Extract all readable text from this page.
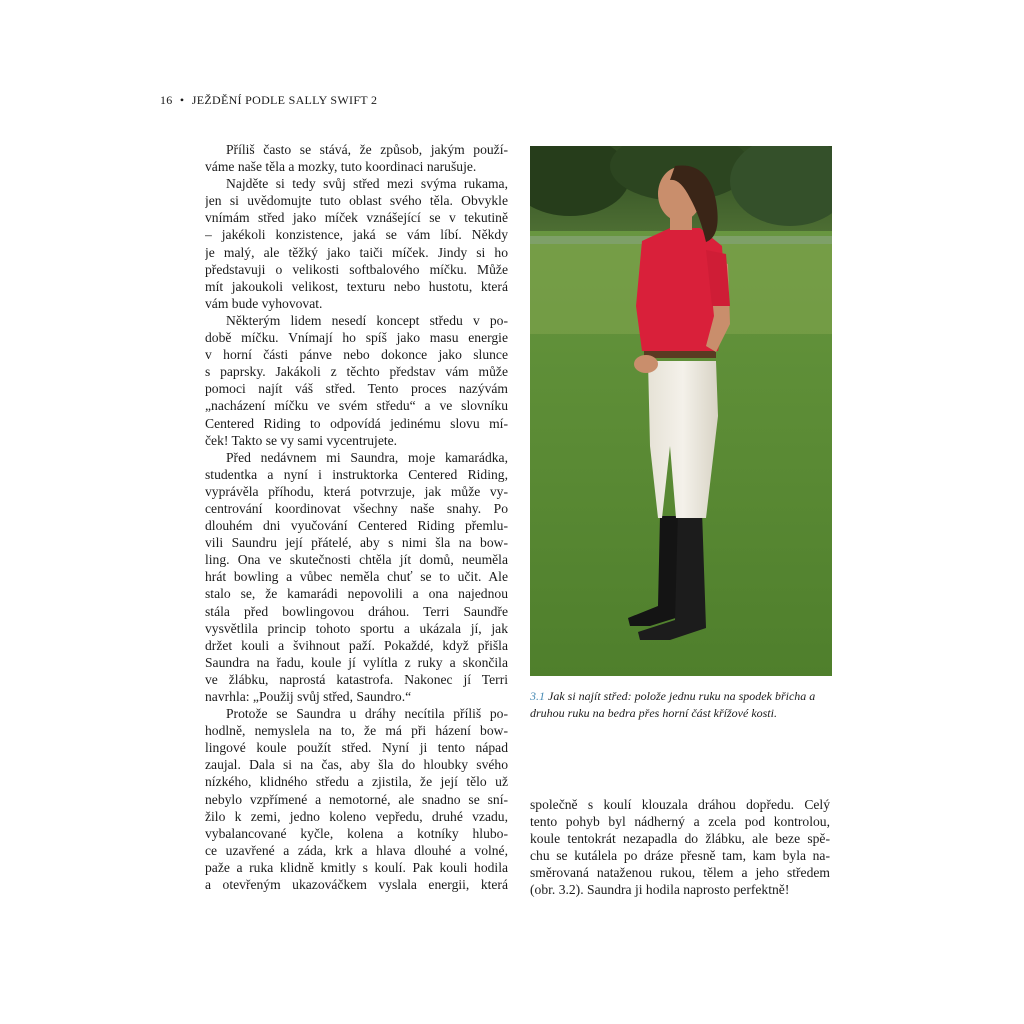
16 • JEŽDĚNÍ PODLE SALLY SWIFT 2
Příliš často se stává, že způsob, jakým použí-
váme naše těla a mozky, tuto koordinaci narušuje.
Najděte si tedy svůj střed mezi svýma rukama,
jen si uvědomujte tuto oblast svého těla. Obvykle
vnímám střed jako míček vznášející se v tekutině
– jakékoli konzistence, jaká se vám líbí. Někdy
je malý, ale těžký jako taiči míček. Jindy si ho
představuji o velikosti softbalového míčku. Může
mít jakoukoli velikost, texturu nebo hustotu, která
vám bude vyhovovat.
Některým lidem nesedí koncept středu v po-
době míčku. Vnímají ho spíš jako masu energie
v horní části pánve nebo dokonce jako slunce
s paprsky. Jakákoli z těchto představ vám může
pomoci najít váš střed. Tento proces nazývám
„nacházení míčku ve svém středu“ a ve slovníku
Centered Riding to odpovídá jedinému slovu mí-
ček! Takto se vy sami vycentrujete.
Před nedávnem mi Saundra, moje kamarádka,
studentka a nyní i instruktorka Centered Riding,
vyprávěla příhodu, která potvrzuje, jak může vy-
centrování koordinovat všechny naše snahy. Po
dlouhém dni vyučování Centered Riding přemlu-
vili Saundru její přátelé, aby s nimi šla na bow-
ling. Ona ve skutečnosti chtěla jít domů, neuměla
hrát bowling a vůbec neměla chuť se to učit. Ale
stalo se, že kamarádi nepovolili a ona najednou
stála před bowlingovou dráhou. Terri Saundře
vysvětlila princip tohoto sportu a ukázala jí, jak
držet kouli a švihnout paží. Pokaždé, když přišla
Saundra na řadu, koule jí vylítla z ruky a skončila
ve žlábku, naprostá katastrofa. Nakonec jí Terri
navrhla: „Použij svůj střed, Saundro.“
Protože se Saundra u dráhy necítila příliš po-
hodlně, nemyslela na to, že má při házení bow-
lingové koule použít střed. Nyní ji tento nápad
zaujal. Dala si na čas, aby šla do hloubky svého
nízkého, klidného středu a zjistila, že její tělo už
nebylo vzpřímené a nemotorné, ale snadno se sní-
žilo k zemi, jedno koleno vepředu, druhé vzadu,
vybalancované kyčle, kolena a kotníky hlubo-
ce uzavřené a záda, krk a hlava dlouhé a volné,
paže a ruka klidně kmitly s koulí. Pak kouli hodila
a otevřeným ukazováčkem vyslala energii, která
společně s koulí klouzala dráhou dopředu. Celý
tento pohyb byl nádherný a zcela pod kontrolou,
koule tentokrát nezapadla do žlábku, ale beze spě-
chu se kutálela po dráze přesně tam, kam byla na-
směrovaná nataženou rukou, tělem a jeho středem
(obr. 3.2). Saundra ji hodila naprosto perfektně!
3.1 Jak si najít střed: polože jednu ruku na spodek břicha a druhou ruku na bedra přes horní část křížové kosti.
